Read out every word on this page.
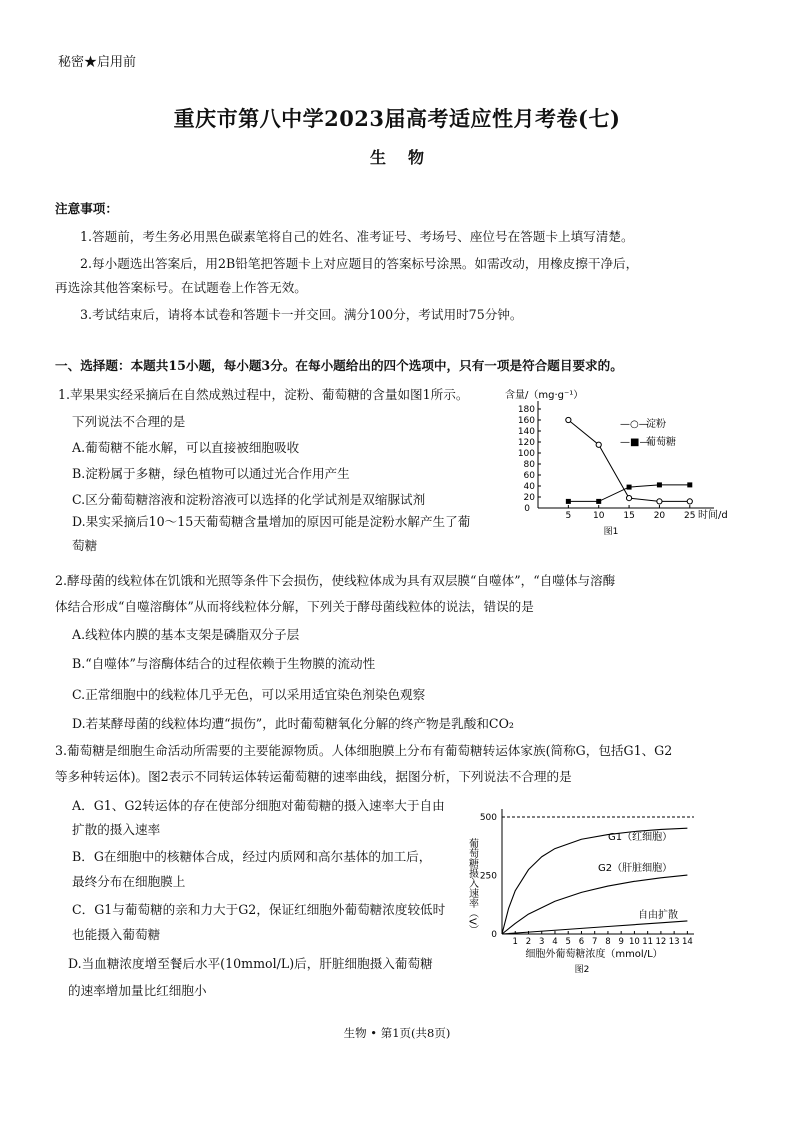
秘密★启用前
重庆市第八中学2023届高考适应性月考卷(七)
生物
注意事项：
1.答题前，考生务必用黑色碳素笔将自己的姓名、准考证号、考场号、座位号在答题卡上填写清楚。
2.每小题选出答案后，用2B铅笔把答题卡上对应题目的答案标号涂黑。如需改动，用橡皮擦干净后，
再选涂其他答案标号。在试题卷上作答无效。
3.考试结束后，请将本试卷和答题卡一并交回。满分100分，考试用时75分钟。
一、选择题：本题共15小题，每小题3分。在每小题给出的四个选项中，只有一项是符合题目要求的。
1.苹果果实经采摘后在自然成熟过程中，淀粉、葡萄糖的含量如图1所示。
下列说法不合理的是
A.葡萄糖不能水解，可以直接被细胞吸收
B.淀粉属于多糖，绿色植物可以通过光合作用产生
C.区分葡萄糖溶液和淀粉溶液可以选择的化学试剂是双缩脲试剂
D.果实采摘后10～15天葡萄糖含量增加的原因可能是淀粉水解产生了葡
萄糖
含量/（mg·g⁻¹）
时间/d
20
40
60
80
100
120
140
160
180
0
5 10 15 20 25
—○—
淀粉
—■—
葡萄糖
图1
2.酵母菌的线粒体在饥饿和光照等条件下会损伤，使线粒体成为具有双层膜“自噬体”，“自噬体与溶酶
体结合形成“自噬溶酶体”从而将线粒体分解，下列关于酵母菌线粒体的说法，错误的是
A.线粒体内膜的基本支架是磷脂双分子层
B.“自噬体”与溶酶体结合的过程依赖于生物膜的流动性
C.正常细胞中的线粒体几乎无色，可以采用适宜染色剂染色观察
D.若某酵母菌的线粒体均遭“损伤”，此时葡萄糖氧化分解的终产物是乳酸和CO₂
3.葡萄糖是细胞生命活动所需要的主要能源物质。人体细胞膜上分布有葡萄糖转运体家族(简称G，包括G1、G2
等多种转运体)。图2表示不同转运体转运葡萄糖的速率曲线，据图分析，下列说法不合理的是
A．G1、G2转运体的存在使部分细胞对葡萄糖的摄入速率大于自由
扩散的摄入速率
B．G在细胞中的核糖体合成，经过内质网和高尔基体的加工后，
最终分布在细胞膜上
C．G1与葡萄糖的亲和力大于G2，保证红细胞外葡萄糖浓度较低时
也能摄入葡萄糖
D.当血糖浓度增至餐后水平(10mmol/L)后，肝脏细胞摄入葡萄糖
的速率增加量比红细胞小
0
250
500
1 2 3 4 5 6 7 8 9 10 11 12 13 14
葡萄糖摄入速率（V）
细胞外葡萄糖浓度（mmol/L）
图2
G1（红细胞）
G2（肝脏细胞）
自由扩散
生物 • 第1页(共8页)
